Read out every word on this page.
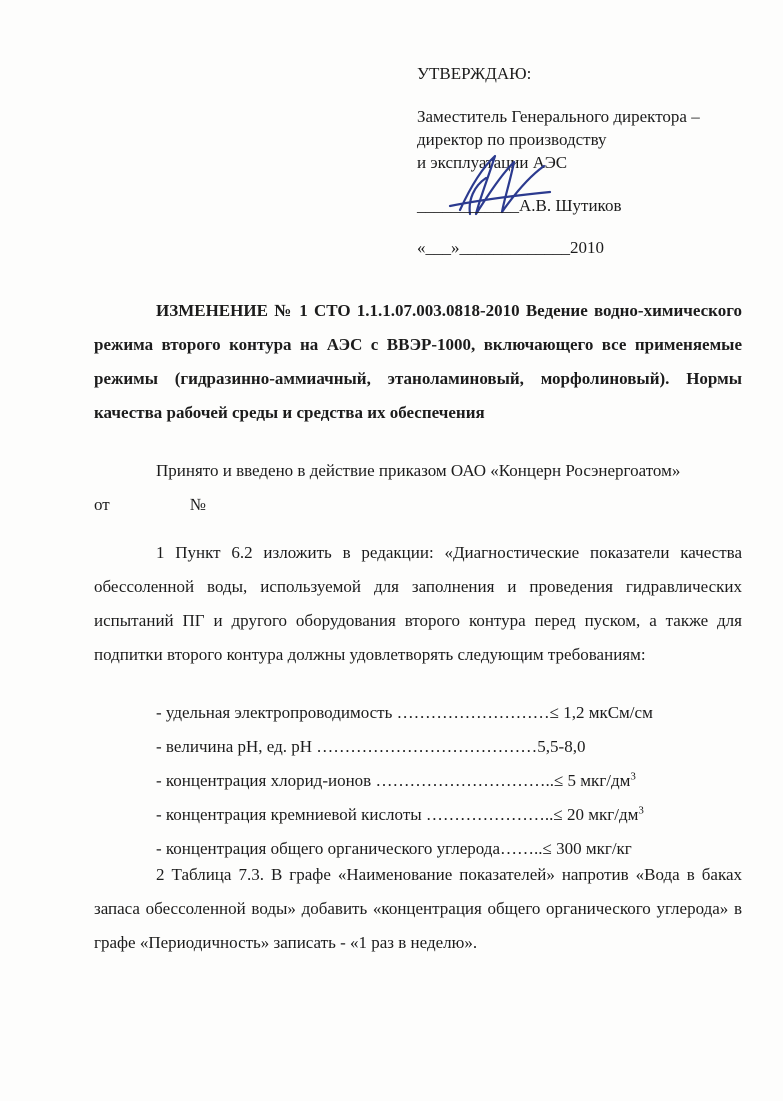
УТВЕРЖДАЮ:
Заместитель Генерального директора –
директор по производству
и эксплуатации АЭС
____________А.В. Шутиков
«___»_____________2010
ИЗМЕНЕНИЕ № 1 СТО 1.1.1.07.003.0818-2010 Ведение водно-химического режима второго контура на АЭС с ВВЭР-1000, включающего все применяемые режимы (гидразинно-аммиачный, этаноламиновый, морфолиновый). Нормы качества рабочей среды и средства их обеспечения

Принято и введено в действие приказом ОАО «Концерн Росэнергоатом»

от	№

1 Пункт 6.2 изложить в редакции: «Диагностические показатели качества обессоленной воды, используемой для заполнения и проведения гидравлических испытаний ПГ и другого оборудования второго контура перед пуском, а также для подпитки второго контура должны удовлетворять следующим требованиям:

- удельная электропроводимость ………………………≤ 1,2 мкСм/см
- величина pH, ед. pH …………………………………5,5-8,0
- концентрация хлорид-ионов …………………………..≤ 5 мкг/$дм^3$
- концентрация кремниевой кислоты …………………..≤ 20 мкг/$дм^3$
- концентрация общего органического углерода……..≤ 300 мкг/кг

2 Таблица 7.3. В графе «Наименование показателей» напротив «Вода в баках запаса обессоленной воды» добавить «концентрация общего органического углерода» в графе «Периодичность» записать - «1 раз в неделю».
